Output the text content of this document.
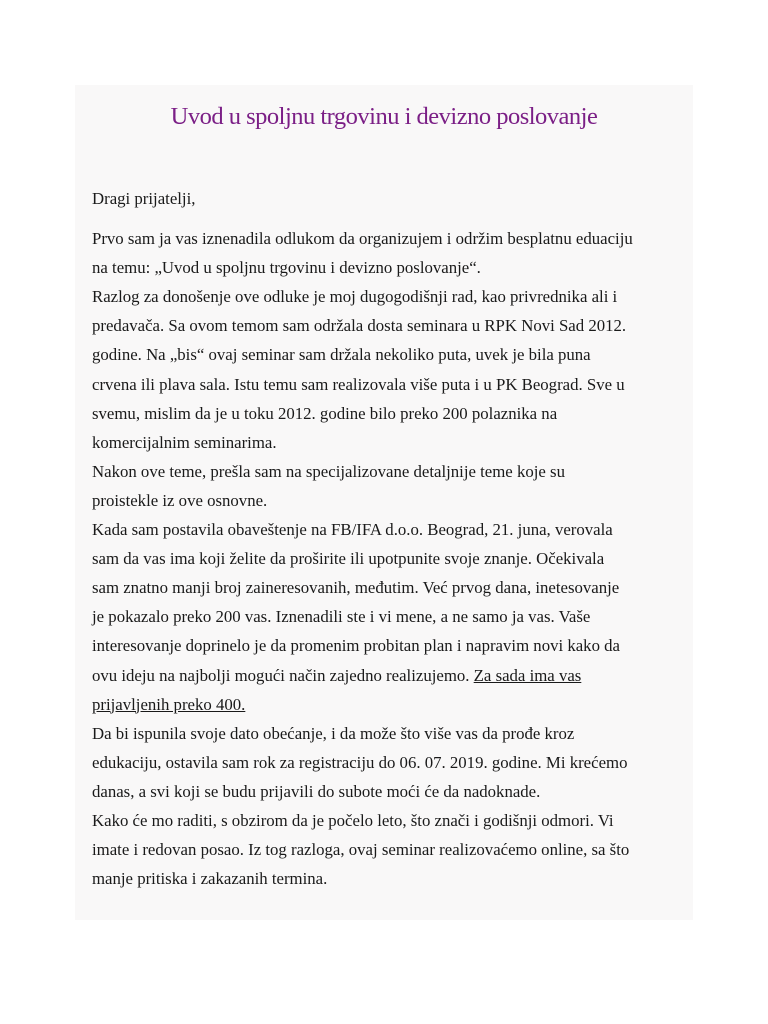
Uvod u spoljnu trgovinu i devizno poslovanje
Dragi prijatelji,
Prvo sam ja vas iznenadila odlukom da organizujem i održim besplatnu eduaciju
na temu: „Uvod u spoljnu trgovinu i devizno poslovanje“.
Razlog za donošenje ove odluke je moj dugogodišnji rad, kao privrednika ali i
predavača. Sa ovom temom sam održala dosta seminara u RPK Novi Sad 2012.
godine. Na „bis“ ovaj seminar sam držala nekoliko puta, uvek je bila puna
crvena ili plava sala. Istu temu sam realizovala više puta i u PK Beograd. Sve u
svemu, mislim da je u toku 2012. godine bilo preko 200 polaznika na
komercijalnim seminarima.
Nakon ove teme, prešla sam na specijalizovane detaljnije teme koje su
proistekle iz ove osnovne.
Kada sam postavila obaveštenje na FB/IFA d.o.o. Beograd, 21. juna, verovala
sam da vas ima koji želite da proširite ili upotpunite svoje znanje. Očekivala
sam znatno manji broj zaineresovanih, međutim. Već prvog dana, inetesovanje
je pokazalo preko 200 vas. Iznenadili ste i vi mene, a ne samo ja vas. Vaše
interesovanje doprinelo je da promenim probitan plan i napravim novi kako da
ovu ideju na najbolji mogući način zajedno realizujemo. Za sada ima vas
prijavljenih preko 400.
Da bi ispunila svoje dato obećanje, i da može što više vas da prođe kroz
edukaciju, ostavila sam rok za registraciju do 06. 07. 2019. godine. Mi krećemo
danas, a svi koji se budu prijavili do subote moći će da nadoknade.
Kako će mo raditi, s obzirom da je počelo leto, što znači i godišnji odmori. Vi
imate i redovan posao. Iz tog razloga, ovaj seminar realizovaćemo online, sa što
manje pritiska i zakazanih termina.
